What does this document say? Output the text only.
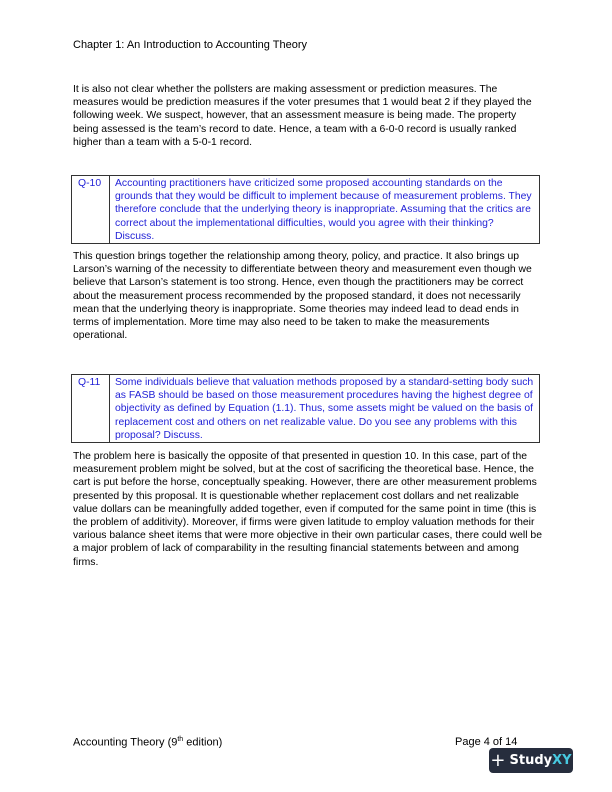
Chapter 1: An Introduction to Accounting Theory
It is also not clear whether the pollsters are making assessment or prediction measures. The measures would be prediction measures if the voter presumes that 1 would beat 2 if they played the following week. We suspect, however, that an assessment measure is being made. The property being assessed is the team’s record to date. Hence, a team with a 6-0-0 record is usually ranked higher than a team with a 5-0-1 record.
Q-10	Accounting practitioners have criticized some proposed accounting standards on the grounds that they would be difficult to implement because of measurement problems. They therefore conclude that the underlying theory is inappropriate. Assuming that the critics are correct about the implementational difficulties, would you agree with their thinking? Discuss.
This question brings together the relationship among theory, policy, and practice. It also brings up Larson’s warning of the necessity to differentiate between theory and measurement even though we believe that Larson’s statement is too strong. Hence, even though the practitioners may be correct about the measurement process recommended by the proposed standard, it does not necessarily mean that the underlying theory is inappropriate. Some theories may indeed lead to dead ends in terms of implementation. More time may also need to be taken to make the measurements operational.
Q-11	Some individuals believe that valuation methods proposed by a standard-setting body such as FASB should be based on those measurement procedures having the highest degree of objectivity as defined by Equation (1.1). Thus, some assets might be valued on the basis of replacement cost and others on net realizable value. Do you see any problems with this proposal? Discuss.
The problem here is basically the opposite of that presented in question 10. In this case, part of the measurement problem might be solved, but at the cost of sacrificing the theoretical base. Hence, the cart is put before the horse, conceptually speaking. However, there are other measurement problems presented by this proposal. It is questionable whether replacement cost dollars and net realizable value dollars can be meaningfully added together, even if computed for the same point in time (this is the problem of additivity). Moreover, if firms were given latitude to employ valuation methods for their various balance sheet items that were more objective in their own particular cases, there could well be a major problem of lack of comparability in the resulting financial statements between and among firms.
Accounting Theory (9th edition)	Page 4 of 14
+ Study XY
